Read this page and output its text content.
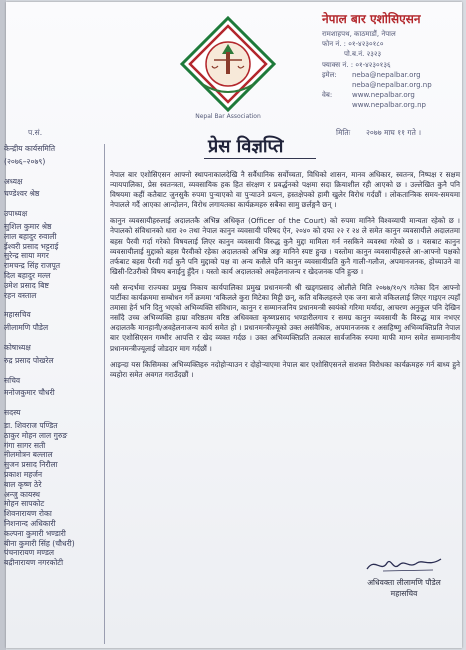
Nepal Bar Association
नेपाल बार एशोसिएसन
रामशाहपथ, काठमाडौं, नेपाल
फोन नं. :
०१-४२३०१८०
पो.ब.नं. २३२३
फ्याक्स नं. :
०१-४२३०१३६
इमेल:	neba@nepalbar.org
neba@nepalbar.org.np
वेब:	www.nepalbar.org
www.nepalbar.org.np
प.सं.	मितिः २०७७ माघ ११ गते ।
प्रेस विज्ञप्ति
केन्द्रीय कार्यसमिति
(२०७६–२०७९)
अध्यक्ष
चण्डेश्वर श्रेष्ठ
उपाध्यक्ष
सुशिल कुमार श्रेष्ठ
लाल बहादुर रुवाली
ईश्वरी प्रसाद भट्टराई
सुरेन्द्र साया मगर
रामचन्द्र सिंह राजपूत
दिल बहादुर मल्ल
उमेश प्रसाद बिष्ट
रहन वस्ताल
महासचिव
लीलामणि पौडेल
कोषाध्यक्ष
रुद्र प्रसाद पोखरेल
सचिव
मनोजकुमार चौधरी
सदस्य
डा. शिवराज पण्डित
ठाकुर मोहन लाल गुरुङ
गंगा सागर सती
नीलमोत्रन बल्लाल
सुजन प्रसाद निरौला
प्रकाश महर्जन
बाल कृष्ण ठेरे
अन्जु कायस्थ
मोहन सापकोट
शिवनारायण रोका
निशनान्द अधिकारी
कल्पना कुमारी भण्डारी
बीना कुमारी सिंह (चौधरी)
पंचनारायण मण्डल
बद्रीनारायण नगरकोटी

नेपाल बार एशोसिएसन आफ्नो स्थापनाकालदेखि नै सर्वैधानिक सर्वोच्चता, विधिको शासन, मानव अधिकार, स्वतन्त्र, निष्पक्ष र सक्षम न्यायपालिका, प्रेस स्वतन्त्रता, व्यवसायिक हक हित संरक्षण र प्रवर्द्धनको पक्षमा सदा क्रियाशील रही आएको छ । उल्लेखित कुनै पनि विषयमा कहीं कतैबाट जुनसुकै रुपमा पुऱ्याएको वा पुऱ्याउने प्रयत्न, हस्तक्षेपको हामी खुलेर विरोध गर्दछौं । लोकतान्त्रिक समय-समयमा नेपालले गर्दै आएका आन्दोलन, विरोध लगायतका कार्यक्रमहरु सबैका सामु छर्लङ्गनै छन् ।

कानुन व्यवसायीहरुलाई अदालतकै अभिन्न अधिकृत (Officer of the Court) को रुपमा मानिने विश्वव्यापी मान्यता रहेको छ । नेपालको संविधानको धारा २० तथा नेपाल कानुन व्यवसायी परिषद ऐन, २०४० को दफा २२ र २४ ले समेत कानुन व्यवसायीले अदालतमा बहस पैरवी गर्दा गरेको विषयलाई लिएर कानुन व्यवसायी विरुद्ध कुनै मुद्दा मामिला गर्न नसकिने व्यवस्था गरेको छ । यसबाट कानुन व्यवसायीलाई मुद्दाको बहस पैरवीको रहेका अदालतको अभिन्न अङ्ग मानिने स्पष्ट हुन्छ । यस्तोमा कानुन व्यवसायीहरुले आ-आफ्नो पक्षको तर्फबाट बहस पैरवी गर्दा कुनै पनि मुद्दाको पक्ष वा अन्य कसैले पनि कानुन व्यवसायीप्रति कुनै गाली-गलौज, अपमानजनक, होच्याउने वा खिसी-टिउरीको विषय बनाईनु हुँदैन । यस्तो कार्य अदालतको अवहेलनाजन्य र खेदजनक पनि हुन्छ ।

यसै सन्दर्भमा राज्यका प्रमुख निकाय कार्यपालिका प्रमुख प्रधानमन्त्री श्री खड्गप्रसाद ओलीले मिति २०७७/१०/९ गतेका दिन आफ्नो पार्टीका कार्यक्रममा सम्बोधन गर्ने क्रममा 'वकिलले कुरा मिटेका मिट्टी छन्, कति वकिलहरुले एक जना बाजे वकिललाई लिएर गाइएन त्यहाँ तमासा हेर्न भनि दिनु भएको अभिव्यक्ति संविधान, कानुन र सम्मानजनिय प्रधानमन्त्री स्वयंको गरिमा मर्यादा, आचरण अनुकूल पनि देखिन नसाँदै उच्च अभिव्यक्ति हाम्रा वरिष्ठतम वरिष्ठ अधिवक्ता कृष्णप्रसाद भण्डारीलगाय र समग्र कानुन व्यवसायी कै विरुद्ध मात्र नभएर अदालतकै मानहानी/अवहेलनाजन्य कार्य समेत हो । प्रधानमन्त्रीज्यूको उक्त असंवैधिक, अपमानजनक र असहिष्णु अभिव्यक्तिप्रति नेपाल बार एशोसिएसन गम्भीर आपत्ति र खेद व्यक्त गर्दछ । उक्त अभिव्यक्तिप्रति तत्काल सार्वजनिक रुपमा माफी माग्न समेत सम्मानानीय प्रधानमन्त्रीज्यूलाई जोडदार माग गर्दछौं ।

आइन्दा यस किसिमका अभिव्यक्तिहरु नदोहोऱ्याउन र दोहोऱ्याएमा नेपाल बार एशोसिएसनले सशक्त विरोधका कार्यक्रमहरु गर्न बाध्य हुने व्यहोरा समेत अवगत गराउँदछौं ।

अधिवक्ता लीलामणि पौडेल
महासचिव
